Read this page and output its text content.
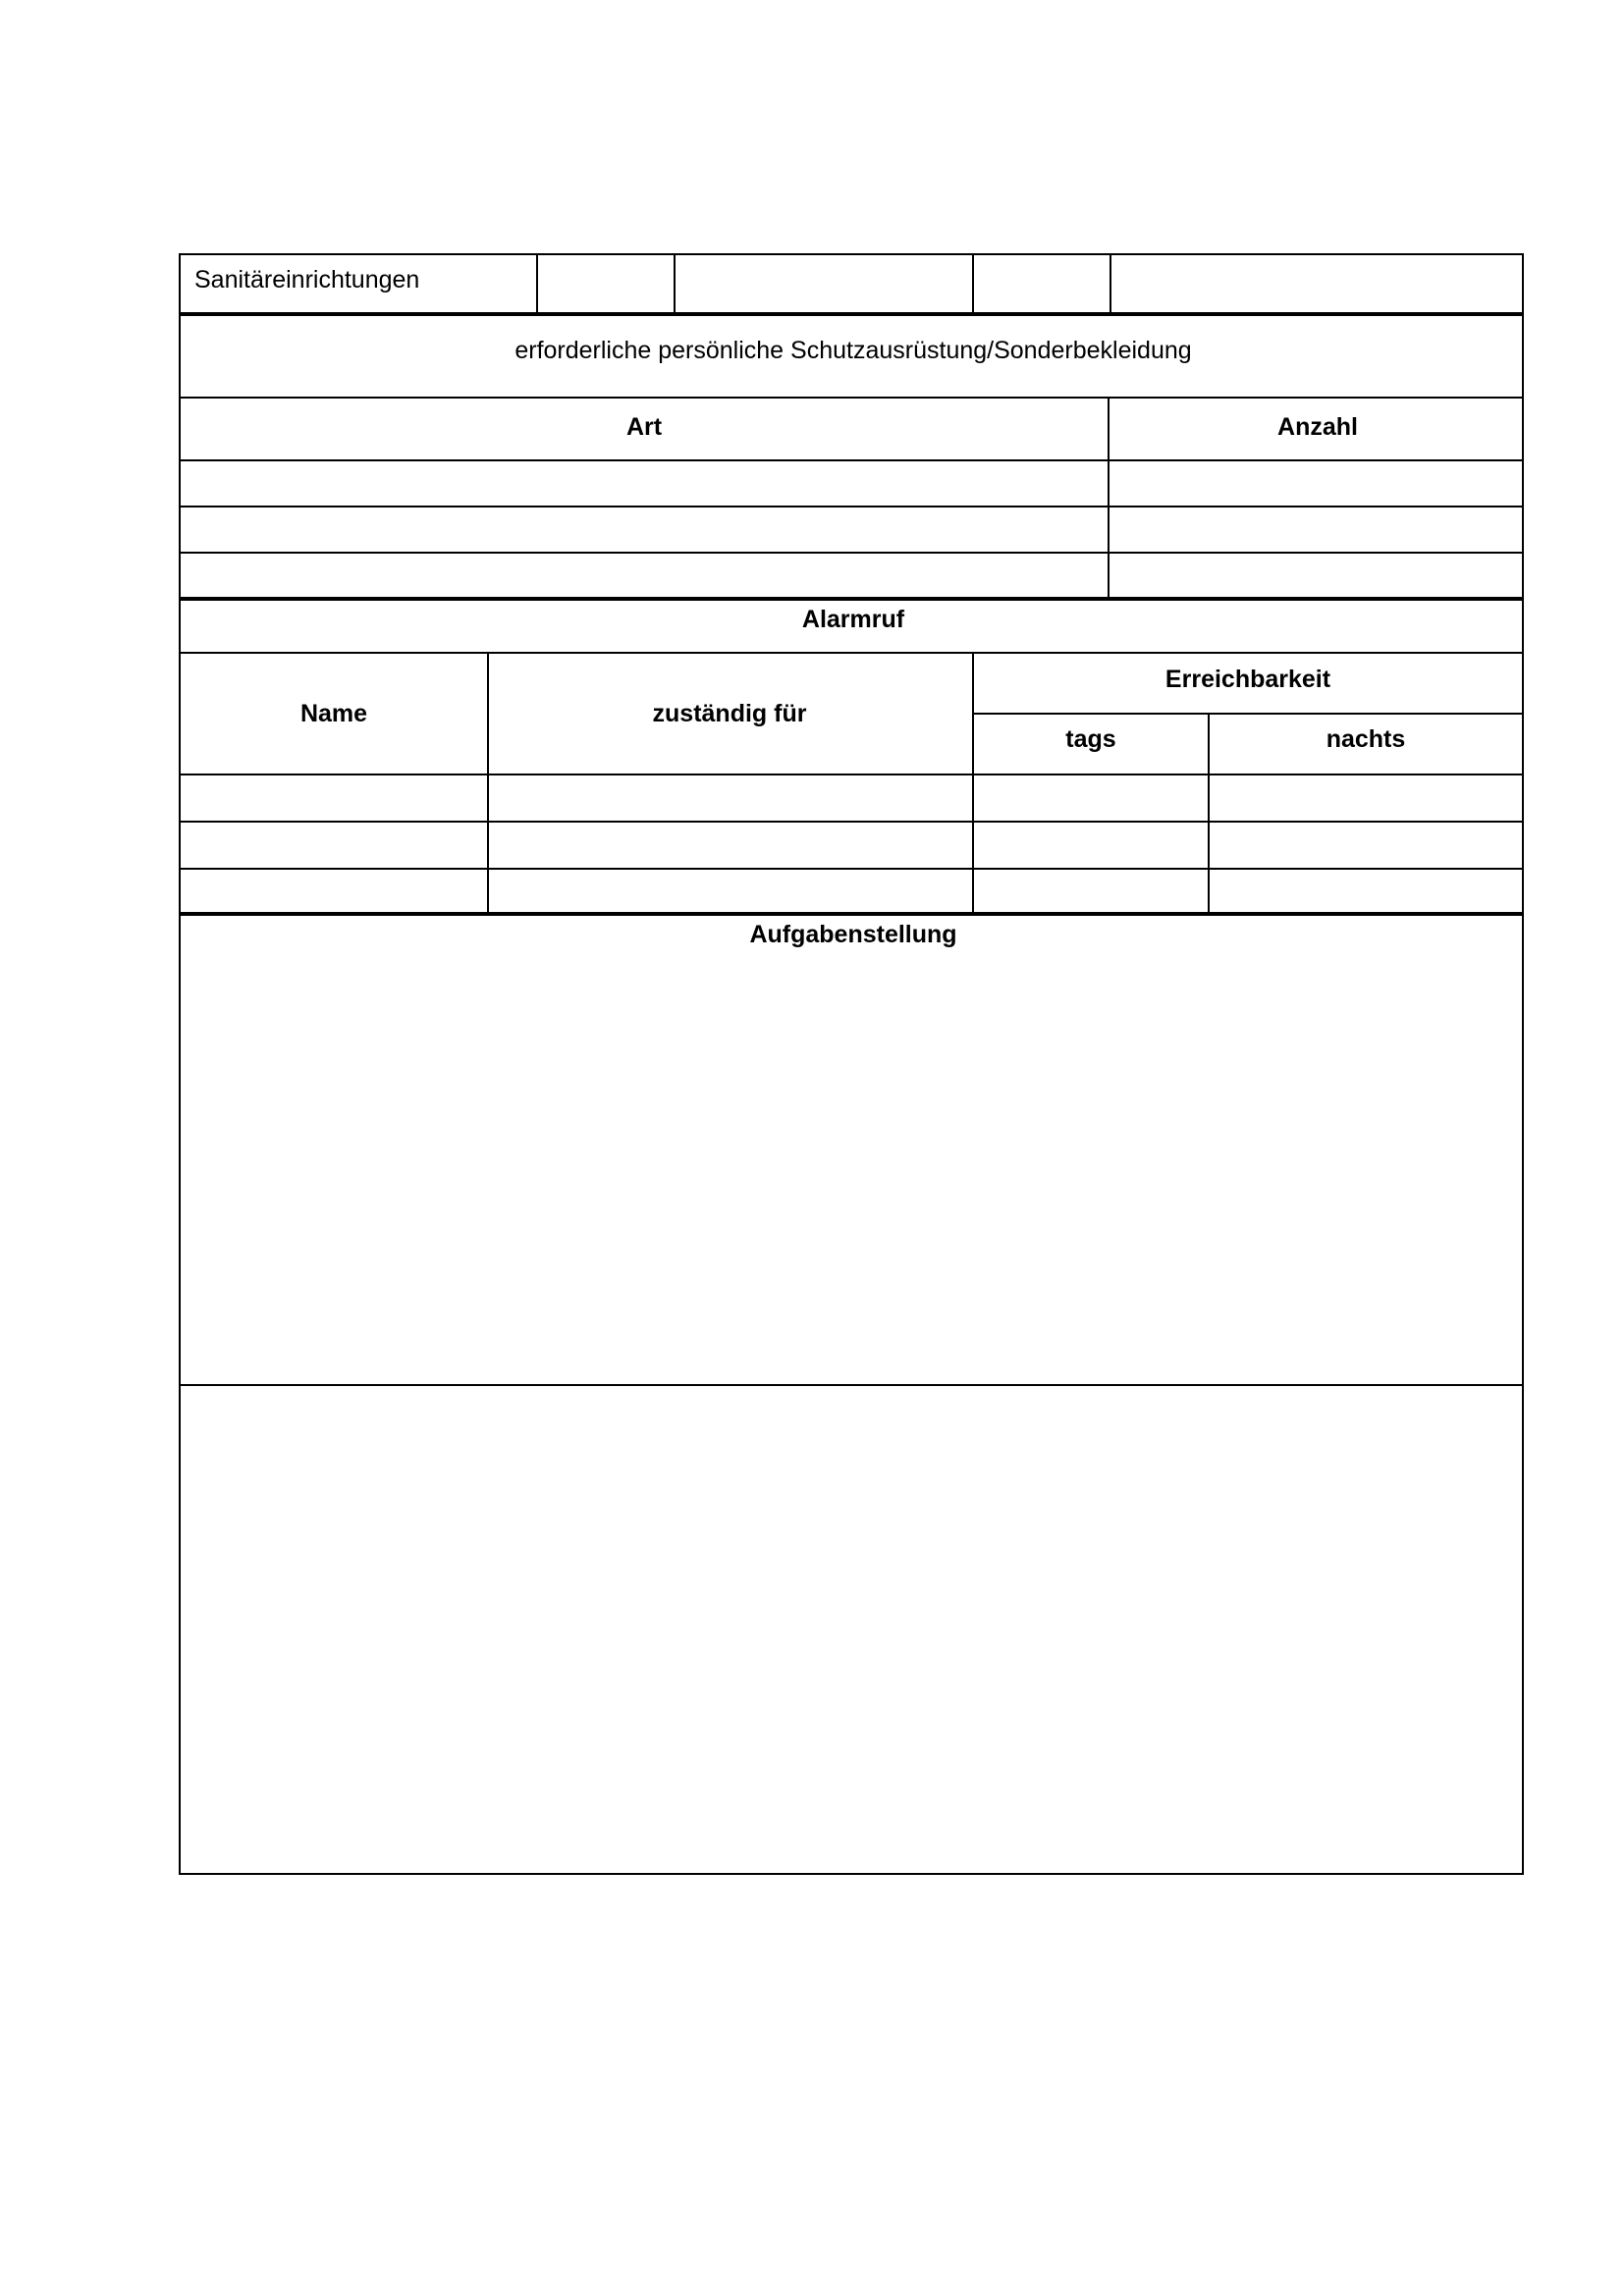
Sanitäreinrichtungen
erforderliche persönliche Schutzausrüstung/Sonderbekleidung
Art	Anzahl
Alarmruf
Name	zuständig für
Erreichbarkeit
tags	nachts
Aufgabenstellung
